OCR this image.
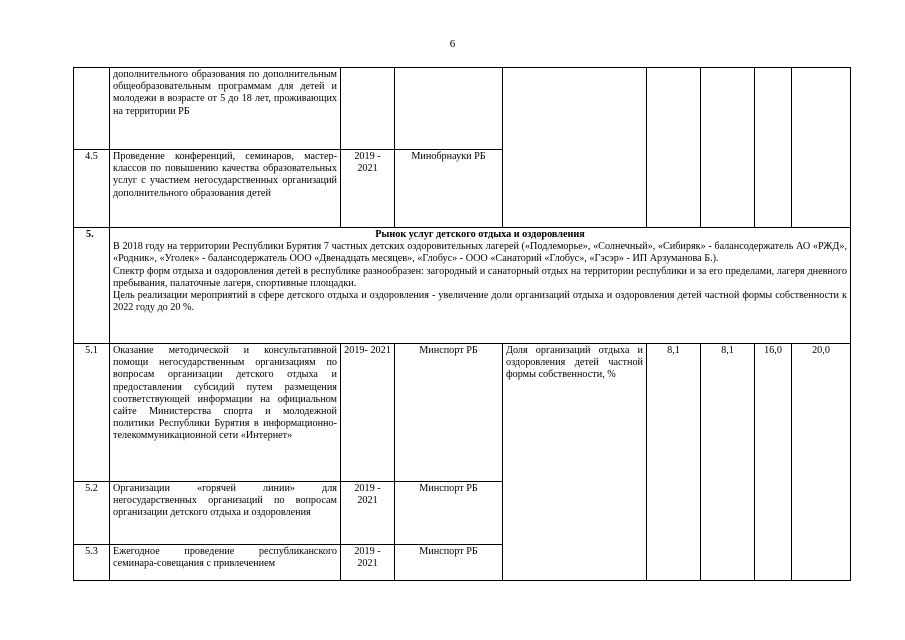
6
	дополнительного образования по дополнительным общеобразовательным программам для детей и молодежи в возрасте от 5 до 18 лет, проживающих на территории РБ							
4.5	Проведение конференций, семинаров, мастер-классов по повышению качества образовательных услуг с участием негосударственных организаций дополнительного образования детей	2019 - 2021	Минобрнауки РБ					
5.	Рынок услуг детского отдыха и оздоровления
В 2018 году на территории Республики Бурятия 7 частных детских оздоровительных лагерей («Подлеморье», «Солнечный», «Сибиряк» - балансодержатель АО «РЖД», «Родник», «Уголек» - балансодержатель ООО «Двенадцать месяцев», «Глобус» - ООО «Санаторий «Глобус», «Гэсэр» - ИП Арзуманова Б.).
Спектр форм отдыха и оздоровления детей в республике разнообразен: загородный и санаторный отдых на территории республики и за его пределами, лагеря дневного пребывания, палаточные лагеря, спортивные площадки.
Цель реализации мероприятий в сфере детского отдыха и оздоровления - увеличение доли организаций отдыха и оздоровления детей частной формы собственности к 2022 году до 20 %.							

5.1	Оказание методической и консультативной помощи негосударственным организациям по вопросам организации детского отдыха и предоставления субсидий путем размещения соответствующей информации на официальном сайте Министерства спорта и молодежной политики Республики Бурятия в информационно-телекоммуникационной сети «Интернет»	2019- 2021	Минспорт РБ	Доля организаций отдыха и оздоровления детей частной формы собственности, %	8,1	8,1	16,0	20,0
5.2	Организации «горячей линии» для негосударственных организаций по вопросам организации детского отдыха и оздоровления	2019 - 2021	Минспорт РБ					
5.3	Ежегодное проведение республиканского семинара-совещания с привлечением	2019 - 2021	Минспорт РБ					
